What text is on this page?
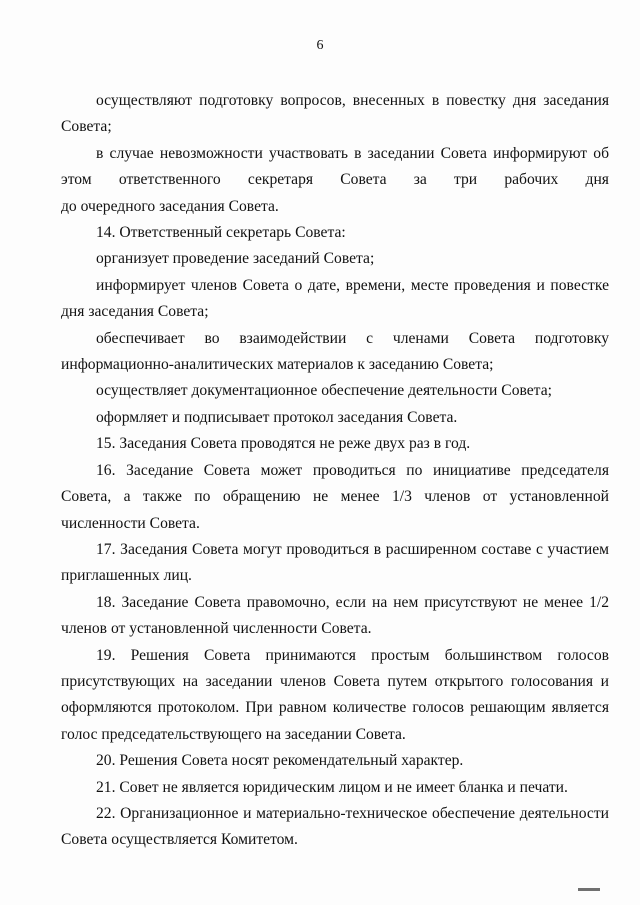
6

осуществляют подготовку вопросов, внесенных в повестку дня заседания Совета;

в случае невозможности участвовать в заседании Совета информируют об этом ответственного секретаря Совета за три рабочих дня

до очередного заседания Совета.

14. Ответственный секретарь Совета:

организует проведение заседаний Совета;

информирует членов Совета о дате, времени, месте проведения и повестке дня заседания Совета;

обеспечивает во взаимодействии с членами Совета подготовку информационно-аналитических материалов к заседанию Совета;

осуществляет документационное обеспечение деятельности Совета;

оформляет и подписывает протокол заседания Совета.

15. Заседания Совета проводятся не реже двух раз в год.

16. Заседание Совета может проводиться по инициативе председателя Совета, а также по обращению не менее 1/3 членов от установленной численности Совета.

17. Заседания Совета могут проводиться в расширенном составе с участием приглашенных лиц.

18. Заседание Совета правомочно, если на нем присутствуют не менее 1/2 членов от установленной численности Совета.

19. Решения Совета принимаются простым большинством голосов присутствующих на заседании членов Совета путем открытого голосования и оформляются протоколом. При равном количестве голосов решающим является голос председательствующего на заседании Совета.

20. Решения Совета носят рекомендательный характер.

21. Совет не является юридическим лицом и не имеет бланка и печати.

22. Организационное и материально-техническое обеспечение деятельности Совета осуществляется Комитетом.
